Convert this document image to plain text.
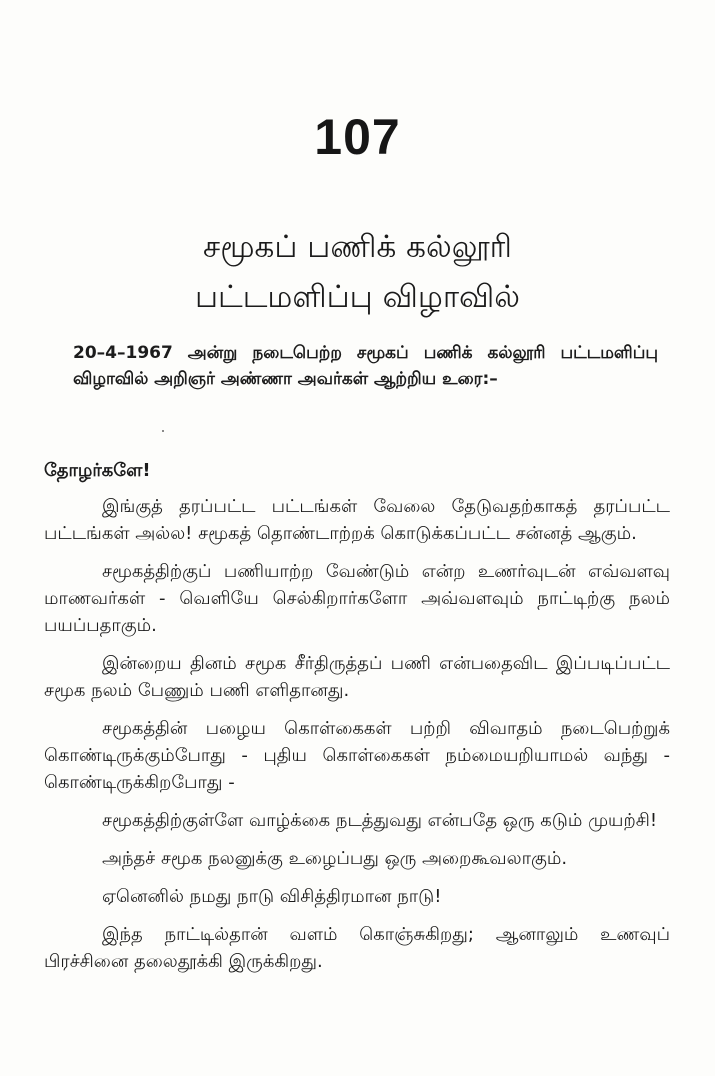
107
சமூகப் பணிக் கல்லூரி
பட்டமளிப்பு விழாவில்
20–4–1967 அன்று நடைபெற்ற சமூகப் பணிக் கல்லூரி பட்டமளிப்பு விழாவில் அறிஞர் அண்ணா அவர்கள் ஆற்றிய உரை:–
தோழர்களே!

இங்குத் தரப்பட்ட பட்டங்கள் வேலை தேடுவதற்காகத் தரப்பட்ட பட்டங்கள் அல்ல! சமூகத் தொண்டாற்றக் கொடுக்கப்பட்ட சன்னத் ஆகும்.

சமூகத்திற்குப் பணியாற்ற வேண்டும் என்ற உணர்வுடன் எவ்வளவு மாணவர்கள் - வெளியே செல்கிறார்களோ அவ்வளவும் நாட்டிற்கு நலம் பயப்பதாகும்.

இன்றைய தினம் சமூக சீர்திருத்தப் பணி என்பதைவிட இப்படிப்பட்ட சமூக நலம் பேணும் பணி எளிதானது.

சமூகத்தின் பழைய கொள்கைகள் பற்றி விவாதம் நடைபெற்றுக் கொண்டிருக்கும்போது - புதிய கொள்கைகள் நம்மையறியாமல் வந்து - கொண்டிருக்கிறபோது -

சமூகத்திற்குள்ளே வாழ்க்கை நடத்துவது என்பதே ஒரு கடும் முயற்சி!

அந்தச் சமூக நலனுக்கு உழைப்பது ஒரு அறைகூவலாகும்.

ஏனெனில் நமது நாடு விசித்திரமான நாடு!

இந்த நாட்டில்தான் வளம் கொஞ்சுகிறது; ஆனாலும் உணவுப் பிரச்சினை தலைதூக்கி இருக்கிறது.
